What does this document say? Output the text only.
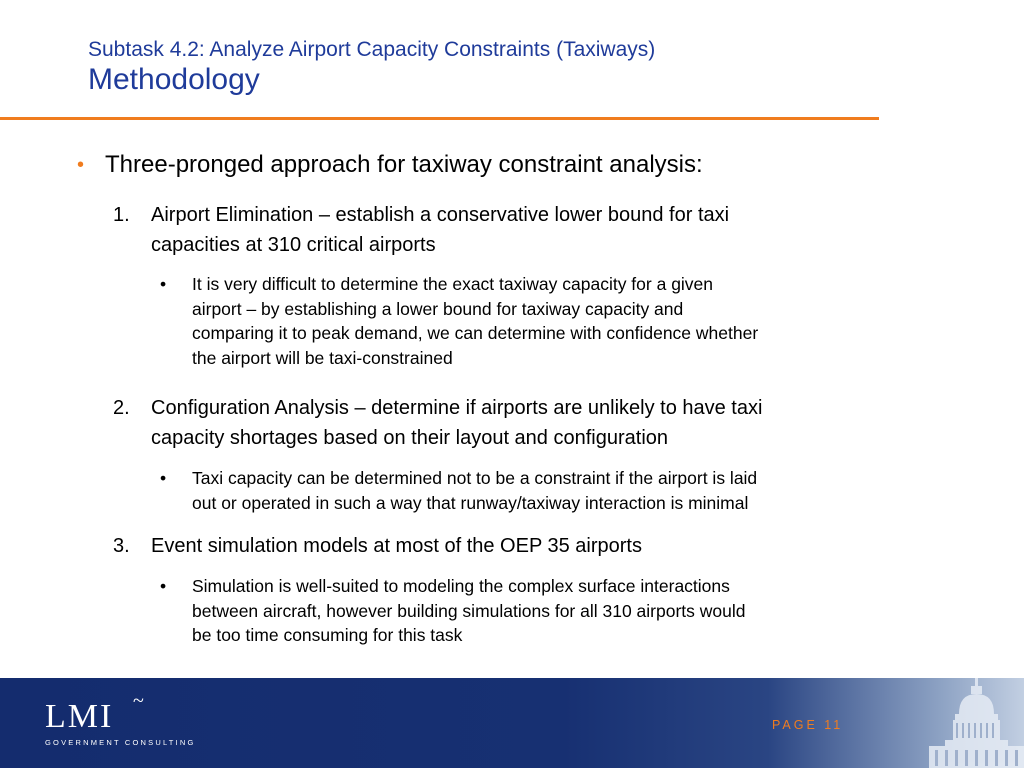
Subtask 4.2: Analyze Airport Capacity Constraints (Taxiways)
Methodology
• Three-pronged approach for taxiway constraint analysis:
1. Airport Elimination – establish a conservative lower bound for taxi
capacities at 310 critical airports
• It is very difficult to determine the exact taxiway capacity for a given
airport – by establishing a lower bound for taxiway capacity and
comparing it to peak demand, we can determine with confidence whether
the airport will be taxi-constrained
2. Configuration Analysis – determine if airports are unlikely to have taxi
capacity shortages based on their layout and configuration
• Taxi capacity can be determined not to be a constraint if the airport is laid
out or operated in such a way that runway/taxiway interaction is minimal
3. Event simulation models at most of the OEP 35 airports
• Simulation is well-suited to modeling the complex surface interactions
between aircraft, however building simulations for all 310 airports would
be too time consuming for this task
LMI ~
GOVERNMENT CONSULTING
PAGE 11
